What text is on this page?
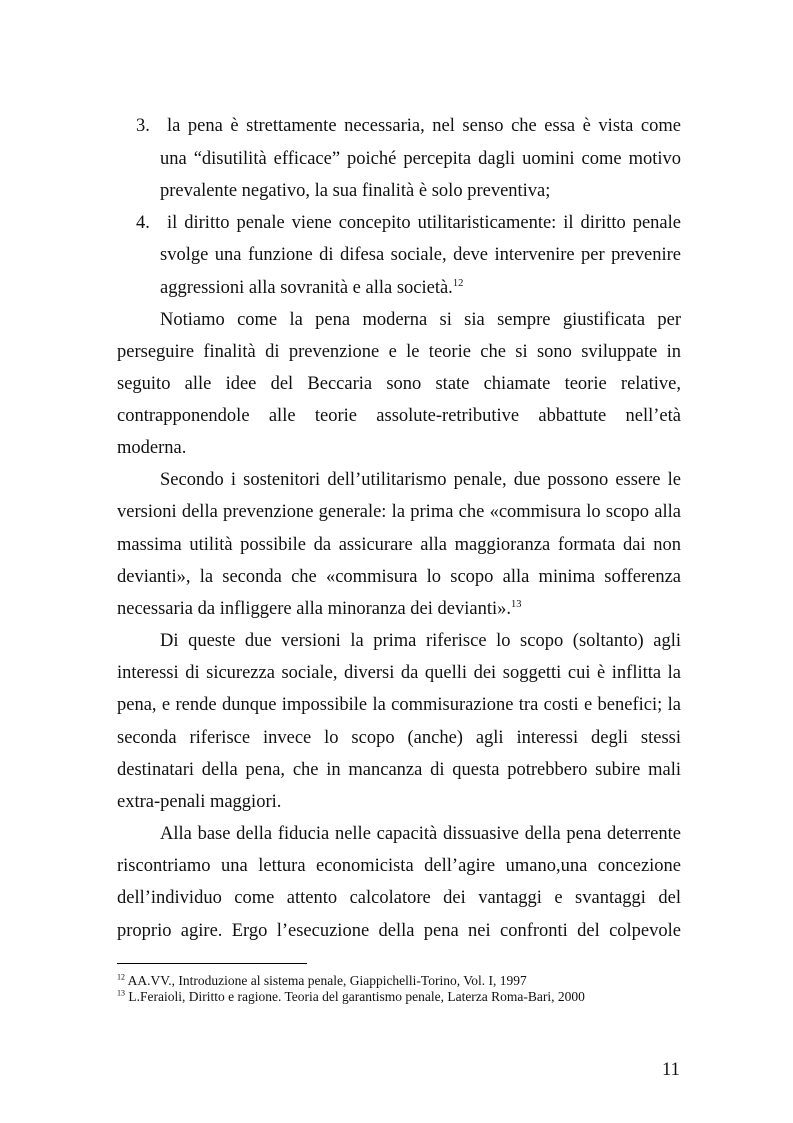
3. la pena è strettamente necessaria, nel senso che essa è vista come
una “disutilità efficace” poiché percepita dagli uomini come motivo
prevalente negativo, la sua finalità è solo preventiva;
4. il diritto penale viene concepito utilitaristicamente: il diritto penale
svolge una funzione di difesa sociale, deve intervenire per prevenire
aggressioni alla sovranità e alla società.$^{12}$
Notiamo come la pena moderna si sia sempre giustificata per
perseguire finalità di prevenzione e le teorie che si sono sviluppate in
seguito alle idee del Beccaria sono state chiamate teorie relative,
contrapponendole alle teorie assolute-retributive abbattute nell’età
moderna.
Secondo i sostenitori dell’utilitarismo penale, due possono essere le
versioni della prevenzione generale: la prima che «commisura lo scopo alla
massima utilità possibile da assicurare alla maggioranza formata dai non
devianti», la seconda che «commisura lo scopo alla minima sofferenza
necessaria da infliggere alla minoranza dei devianti».$^{13}$
Di queste due versioni la prima riferisce lo scopo (soltanto) agli
interessi di sicurezza sociale, diversi da quelli dei soggetti cui è inflitta la
pena, e rende dunque impossibile la commisurazione tra costi e benefici; la
seconda riferisce invece lo scopo (anche) agli interessi degli stessi
destinatari della pena, che in mancanza di questa potrebbero subire mali
extra-penali maggiori.
Alla base della fiducia nelle capacità dissuasive della pena deterrente
riscontriamo una lettura economicista dell’agire umano,una concezione
dell’individuo come attento calcolatore dei vantaggi e svantaggi del
proprio agire. Ergo l’esecuzione della pena nei confronti del colpevole
$^{12}$ AA.VV., Introduzione al sistema penale, Giappichelli-Torino, Vol. I, 1997
$^{13}$ L.Feraioli, Diritto e ragione. Teoria del garantismo penale, Laterza Roma-Bari, 2000
11
